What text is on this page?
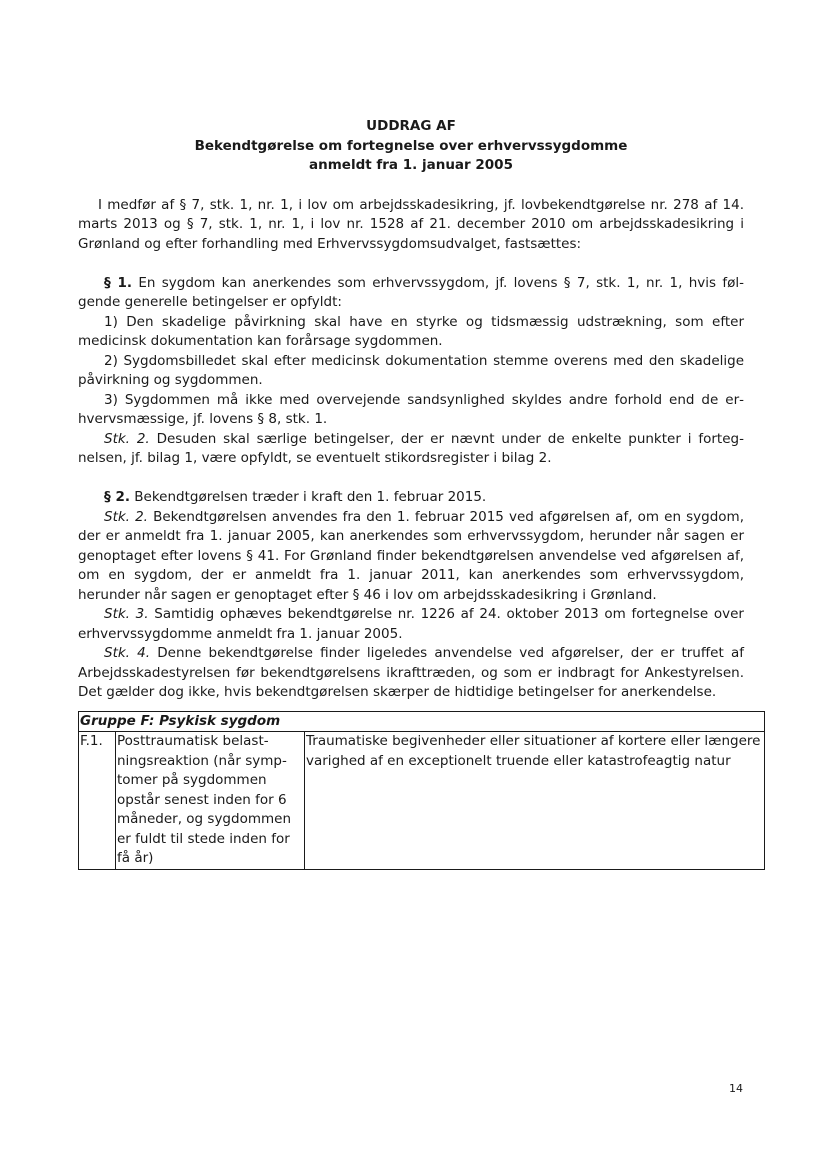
UDDRAG AF

Bekendtgørelse om fortegnelse over erhvervssygdomme

anmeldt fra 1. januar 2005

I medfør af § 7, stk. 1, nr. 1, i lov om arbejdsskadesikring, jf. lovbekendtgørelse nr. 278 af 14. marts 2013 og § 7, stk. 1, nr. 1, i lov nr. 1528 af 21. december 2010 om arbejdsskadesikring i Grønland og efter forhandling med Erhvervssygdomsudvalget, fastsættes:
§ 1. En sygdom kan anerkendes som erhvervssygdom, jf. lovens § 7, stk. 1, nr. 1, hvis følgende generelle betingelser er opfyldt:
1) Den skadelige påvirkning skal have en styrke og tidsmæssig udstrækning, som efter medicinsk dokumentation kan forårsage sygdommen.
2) Sygdomsbilledet skal efter medicinsk dokumentation stemme overens med den skadelige påvirkning og sygdommen.
3) Sygdommen må ikke med overvejende sandsynlighed skyldes andre forhold end de erhvervsmæssige, jf. lovens § 8, stk. 1.
Stk. 2. Desuden skal særlige betingelser, der er nævnt under de enkelte punkter i fortegnelsen, jf. bilag 1, være opfyldt, se eventuelt stikordsregister i bilag 2.
§ 2. Bekendtgørelsen træder i kraft den 1. februar 2015.
Stk. 2. Bekendtgørelsen anvendes fra den 1. februar 2015 ved afgørelsen af, om en sygdom, der er anmeldt fra 1. januar 2005, kan anerkendes som erhvervssygdom, herunder når sagen er genoptaget efter lovens § 41. For Grønland finder bekendtgørelsen anvendelse ved afgørelsen af, om en sygdom, der er anmeldt fra 1. januar 2011, kan anerkendes som erhvervssygdom, herunder når sagen er genoptaget efter § 46 i lov om arbejdsskadesikring i Grønland.
Stk. 3. Samtidig ophæves bekendtgørelse nr. 1226 af 24. oktober 2013 om fortegnelse over erhvervssygdomme anmeldt fra 1. januar 2005.
Stk. 4. Denne bekendtgørelse finder ligeledes anvendelse ved afgørelser, der er truffet af Arbejdsskadestyrelsen før bekendtgørelsens ikrafttræden, og som er indbragt for Ankestyrelsen. Det gælder dog ikke, hvis bekendtgørelsen skærper de hidtidige betingelser for anerkendelse.
Gruppe F: Psykisk sygdom
F.1.	Posttraumatisk belastningsreaktion (når symptomer på sygdommen opstår senest inden for 6 måneder, og sygdommen er fuldt til stede inden for få år)	Traumatiske begivenheder eller situationer af kortere eller længere varighed af en exceptionelt truende eller katastrofeagtig natur
14
